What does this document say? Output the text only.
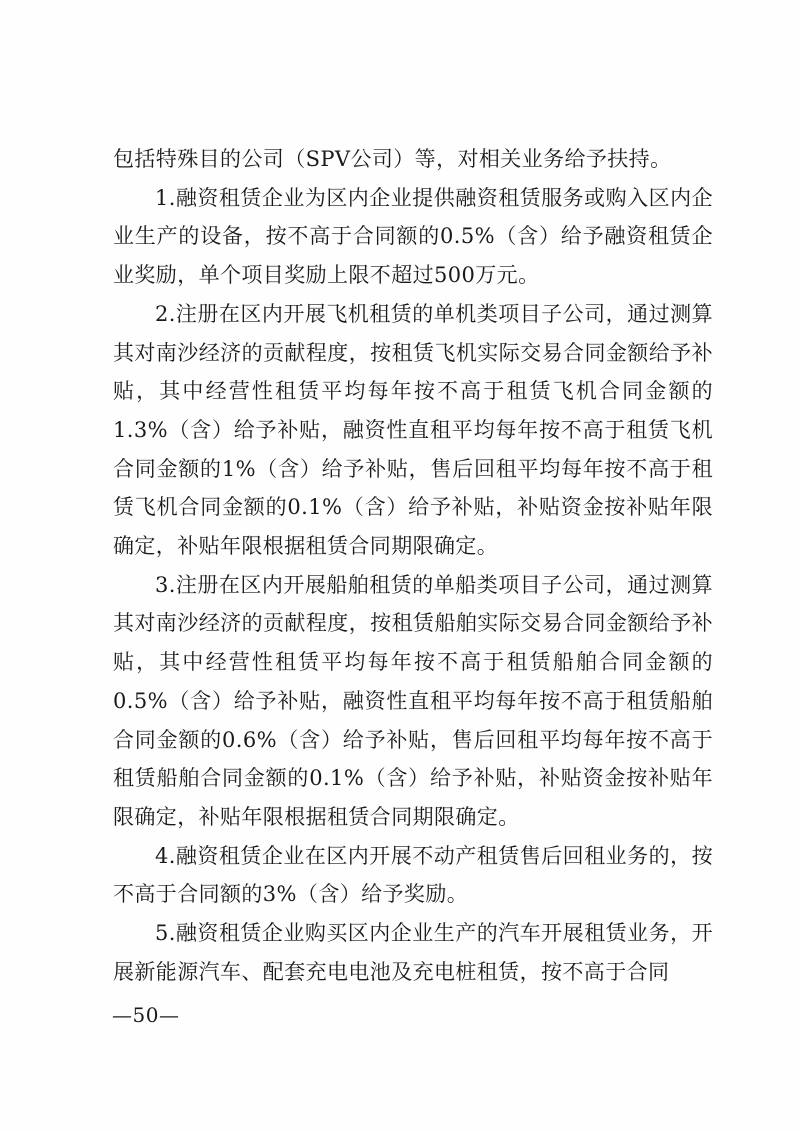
包括特殊目的公司（SPV公司）等，对相关业务给予扶持。

1.融资租赁企业为区内企业提供融资租赁服务或购入区内企业生产的设备，按不高于合同额的0.5%（含）给予融资租赁企业奖励，单个项目奖励上限不超过500万元。

2.注册在区内开展飞机租赁的单机类项目子公司，通过测算其对南沙经济的贡献程度，按租赁飞机实际交易合同金额给予补贴，其中经营性租赁平均每年按不高于租赁飞机合同金额的1.3%（含）给予补贴，融资性直租平均每年按不高于租赁飞机合同金额的1%（含）给予补贴，售后回租平均每年按不高于租赁飞机合同金额的0.1%（含）给予补贴，补贴资金按补贴年限确定，补贴年限根据租赁合同期限确定。

3.注册在区内开展船舶租赁的单船类项目子公司，通过测算其对南沙经济的贡献程度，按租赁船舶实际交易合同金额给予补贴，其中经营性租赁平均每年按不高于租赁船舶合同金额的0.5%（含）给予补贴，融资性直租平均每年按不高于租赁船舶合同金额的0.6%（含）给予补贴，售后回租平均每年按不高于租赁船舶合同金额的0.1%（含）给予补贴，补贴资金按补贴年限确定，补贴年限根据租赁合同期限确定。

4.融资租赁企业在区内开展不动产租赁售后回租业务的，按不高于合同额的3%（含）给予奖励。

5.融资租赁企业购买区内企业生产的汽车开展租赁业务，开展新能源汽车、配套充电电池及充电桩租赁，按不高于合同

—50—
